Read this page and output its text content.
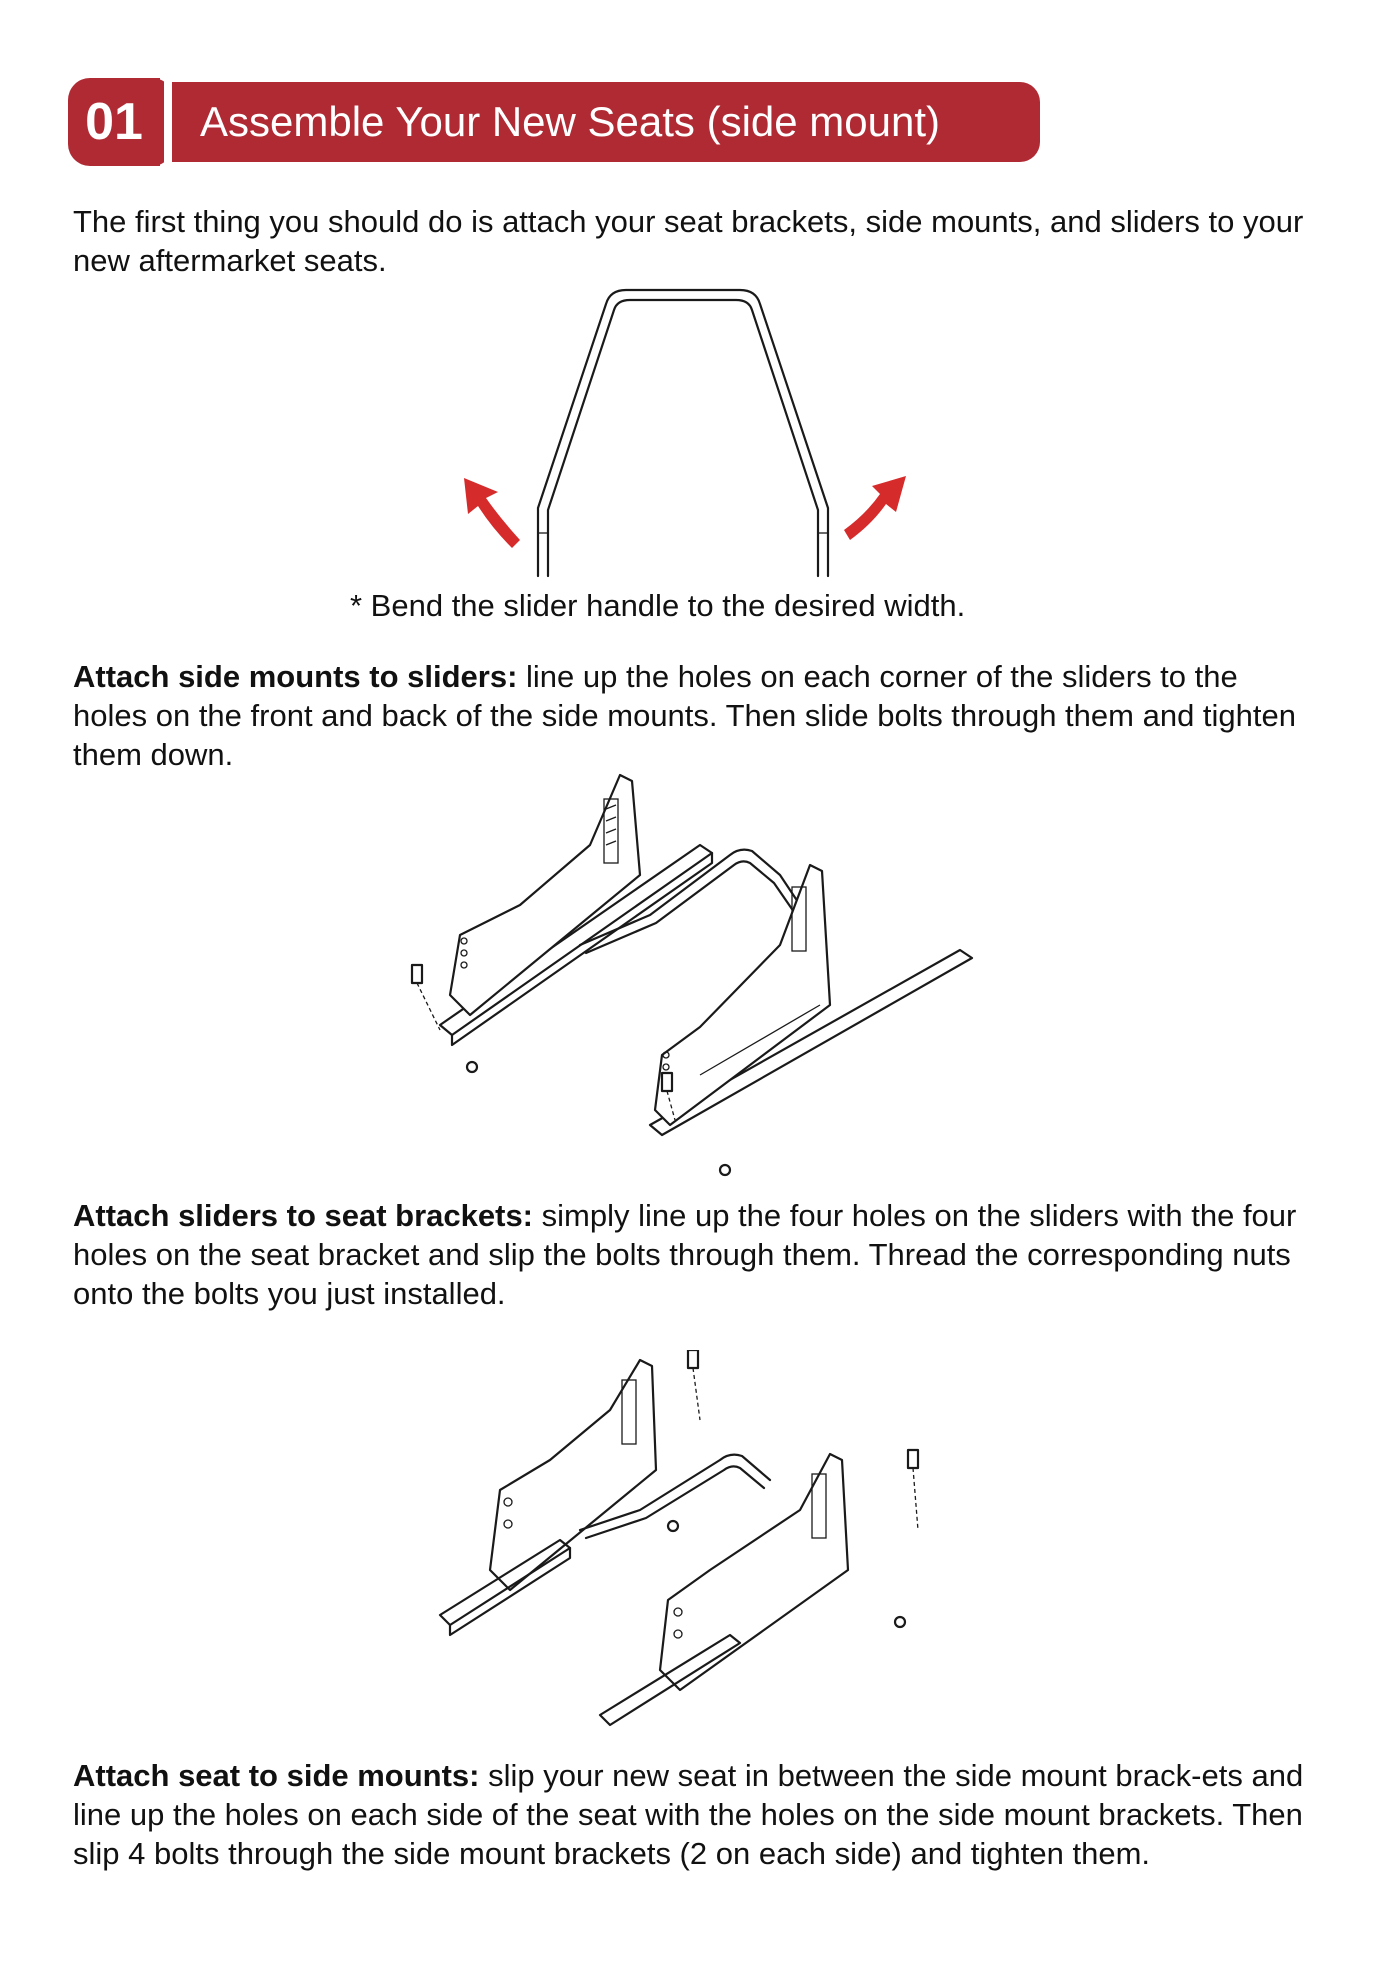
01	Assemble Your New Seats (side mount)
The first thing you should do is attach your seat brackets, side mounts, and sliders to your new aftermarket seats.
* Bend the slider handle to the desired width.
Attach side mounts to sliders: line up the holes on each corner of the sliders to the holes on the front and back of the side mounts. Then slide bolts through them and tighten them down.
Attach sliders to seat brackets: simply line up the four holes on the sliders with the four holes on the seat bracket and slip the bolts through them. Thread the corresponding nuts onto the bolts you just installed.
Attach seat to side mounts: slip your new seat in between the side mount brack-ets and line up the holes on each side of the seat with the holes on the side mount brackets. Then slip 4 bolts through the side mount brackets (2 on each side) and tighten them.
